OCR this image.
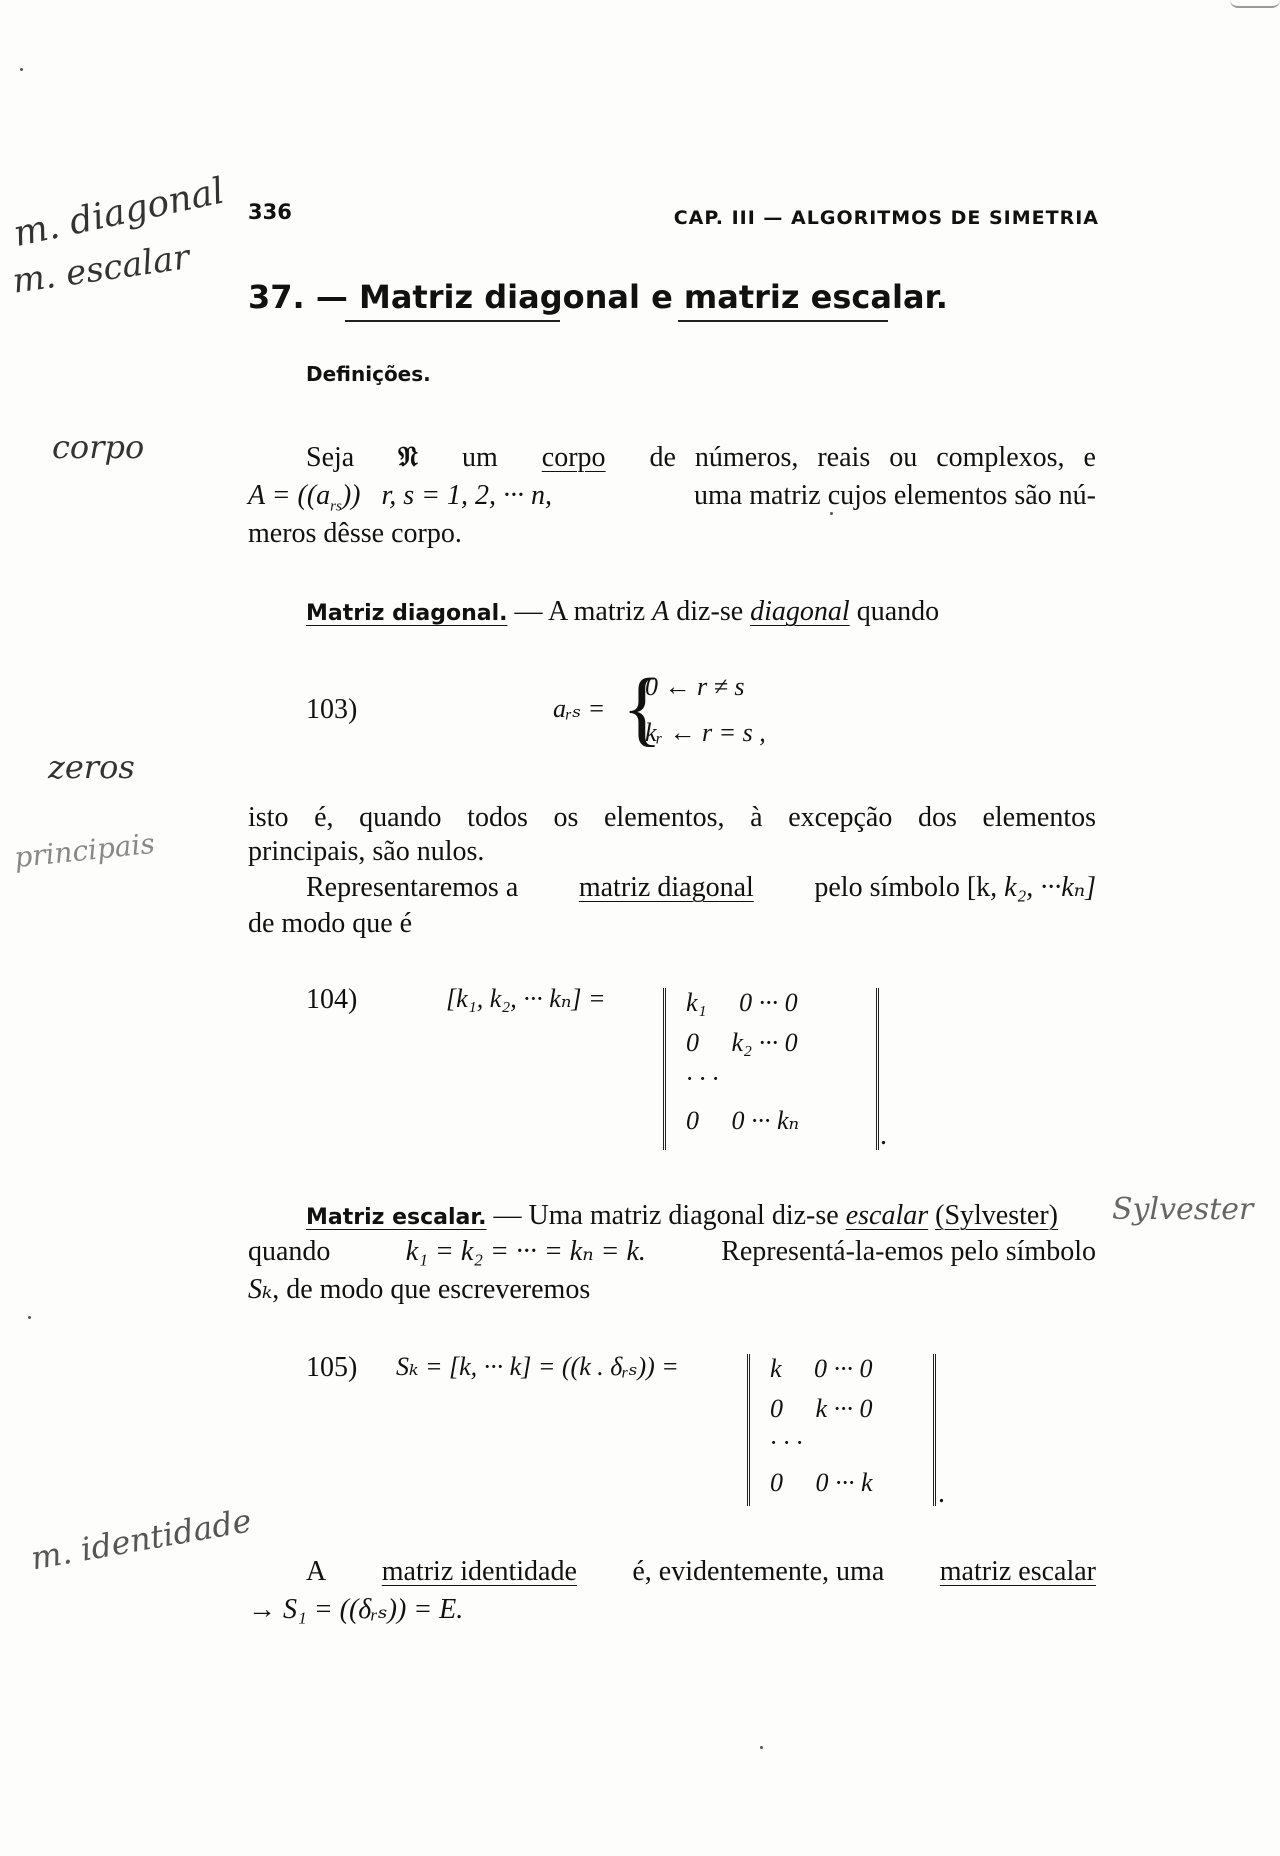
m. diagonal
m. escalar
corpo
zeros
principais
Sylvester
m. identidade
336	CAP. III — ALGORITMOS DE SIMETRIA
37. — Matriz diagonal e matriz escalar.
Definições.
Seja 𝔑 um corpo de números, reais ou complexos, e
$A = ((a_{rs}))$   r, s = 1, 2, ··· n,	uma matriz cujos elementos são nú-
meros dêsse corpo.
Matriz diagonal. — A matriz A diz-se diagonal quando
103)	aᵣₛ = {
0 ← r ≠ s
kᵣ ← r = s ,
isto é, quando todos os elementos, à excepção dos elementos
principais, são nulos.
Representaremos a matriz diagonal pelo símbolo [k, k₂, ···kₙ]
de modo que é
104)	[k₁, k₂, ··· kₙ] =	k₁     0 ··· 0
0     k₂ ··· 0
· · ·
0     0 ··· kₙ	.
Matriz escalar. — Uma matriz diagonal diz-se escalar (Sylvester)
quando	k₁ = k₂ = ··· = kₙ = k.	Representá-la-emos pelo símbolo
Sₖ, de modo que escreveremos
105) Sₖ = [k, ··· k] = ((k . δᵣₛ)) =	k     0 ··· 0
0     k ··· 0
· · ·
0     0 ··· k .
A matriz identidade é, evidentemente, uma matriz escalar
→ S₁ = ((δᵣₛ)) = E.
